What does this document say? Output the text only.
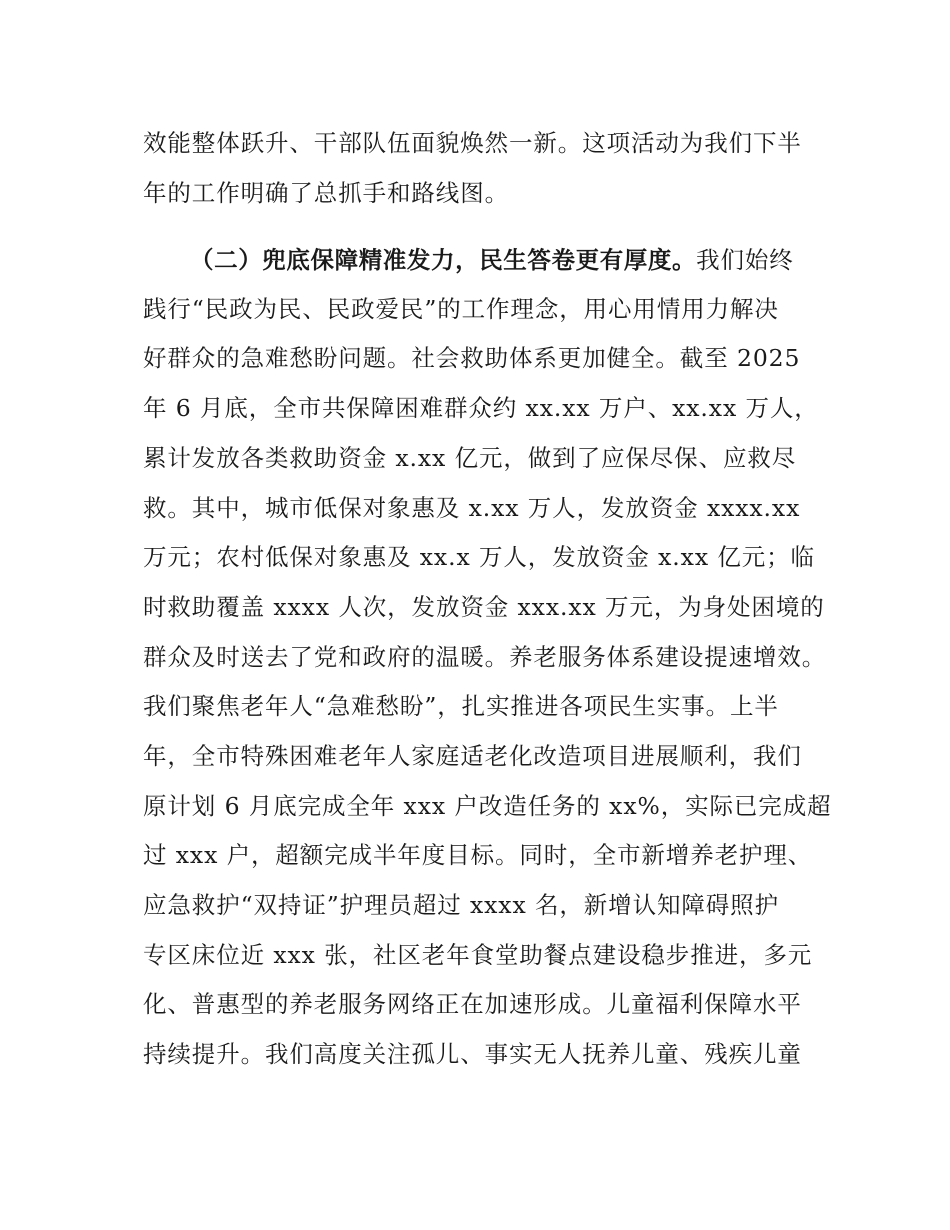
效能整体跃升、干部队伍面貌焕然一新。这项活动为我们下半
年的工作明确了总抓手和路线图。
（二）兜底保障精准发力，民生答卷更有厚度。我们始终
践行“民政为民、民政爱民”的工作理念，用心用情用力解决
好群众的急难愁盼问题。社会救助体系更加健全。截至 2025
年 6 月底，全市共保障困难群众约 xx.xx 万户、xx.xx 万人，
累计发放各类救助资金 x.xx 亿元，做到了应保尽保、应救尽
救。其中，城市低保对象惠及 x.xx 万人，发放资金 xxxx.xx
万元；农村低保对象惠及 xx.x 万人，发放资金 x.xx 亿元；临
时救助覆盖 xxxx 人次，发放资金 xxx.xx 万元，为身处困境的
群众及时送去了党和政府的温暖。养老服务体系建设提速增效。
我们聚焦老年人“急难愁盼”，扎实推进各项民生实事。上半
年，全市特殊困难老年人家庭适老化改造项目进展顺利，我们
原计划 6 月底完成全年 xxx 户改造任务的 xx%，实际已完成超
过 xxx 户，超额完成半年度目标。同时，全市新增养老护理、
应急救护“双持证”护理员超过 xxxx 名，新增认知障碍照护
专区床位近 xxx 张，社区老年食堂助餐点建设稳步推进，多元
化、普惠型的养老服务网络正在加速形成。儿童福利保障水平
持续提升。我们高度关注孤儿、事实无人抚养儿童、残疾儿童
